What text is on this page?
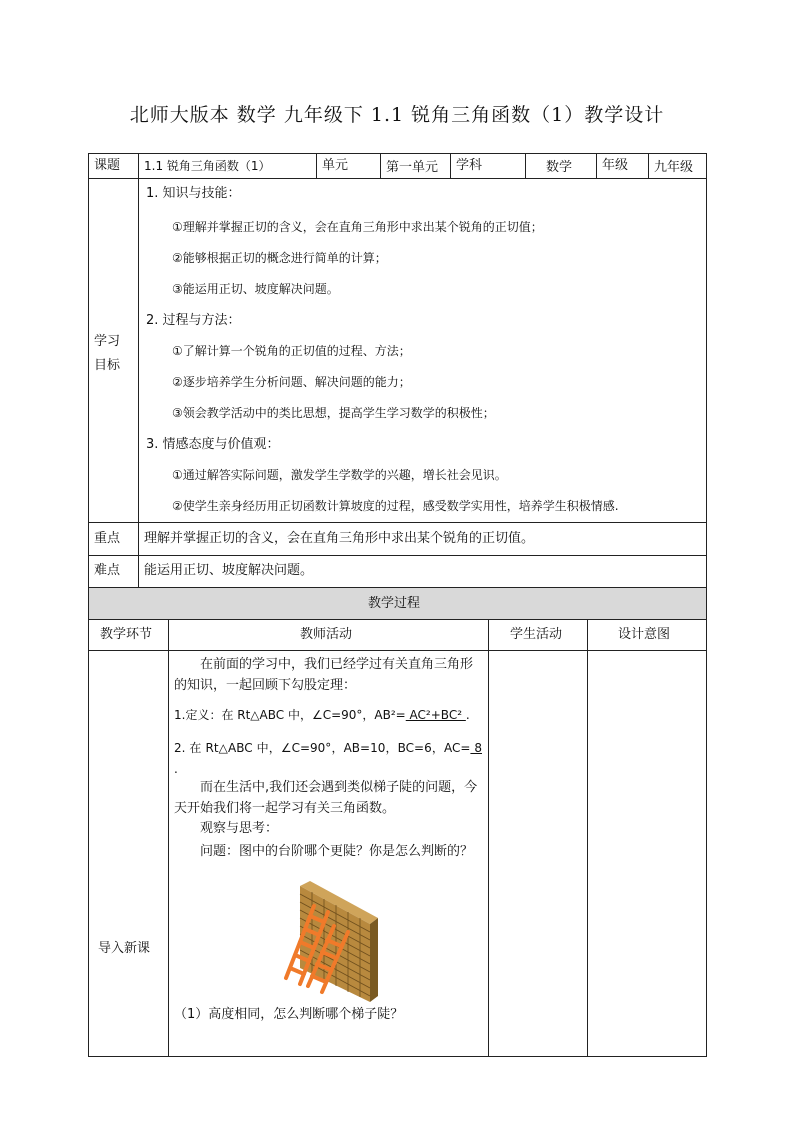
北师大版本 数学 九年级下 1.1 锐角三角函数（1）教学设计
课题 1.1 锐角三角函数（1）	单元	第一单元 学科	数学 年级 九年级
学习
目标
1. 知识与技能：
①理解并掌握正切的含义，会在直角三角形中求出某个锐角的正切值；
②能够根据正切的概念进行简单的计算；
③能运用正切、坡度解决问题。
2. 过程与方法：
①了解计算一个锐角的正切值的过程、方法；
②逐步培养学生分析问题、解决问题的能力；
③领会教学活动中的类比思想，提高学生学习数学的积极性；
3. 情感态度与价值观：
①通过解答实际问题，激发学生学数学的兴趣，增长社会见识。
②使学生亲身经历用正切函数计算坡度的过程，感受数学实用性，培养学生积极情感.
重点 理解并掌握正切的含义，会在直角三角形中求出某个锐角的正切值。
难点 能运用正切、坡度解决问题。
教学过程
教学环节	教师活动	学生活动	设计意图
导入新课
在前面的学习中，我们已经学过有关直角三角形的知识，一起回顾下勾股定理：
1.定义：在 Rt△ABC 中，∠C=90°，AB²= AC²+BC² .
2. 在 Rt△ABC 中，∠C=90°，AB=10，BC=6，AC= 8 .
而在生活中,我们还会遇到类似梯子陡的问题，今天开始我们将一起学习有关三角函数。
观察与思考：
问题：图中的台阶哪个更陡？你是怎么判断的？
（1）高度相同，怎么判断哪个梯子陡？
